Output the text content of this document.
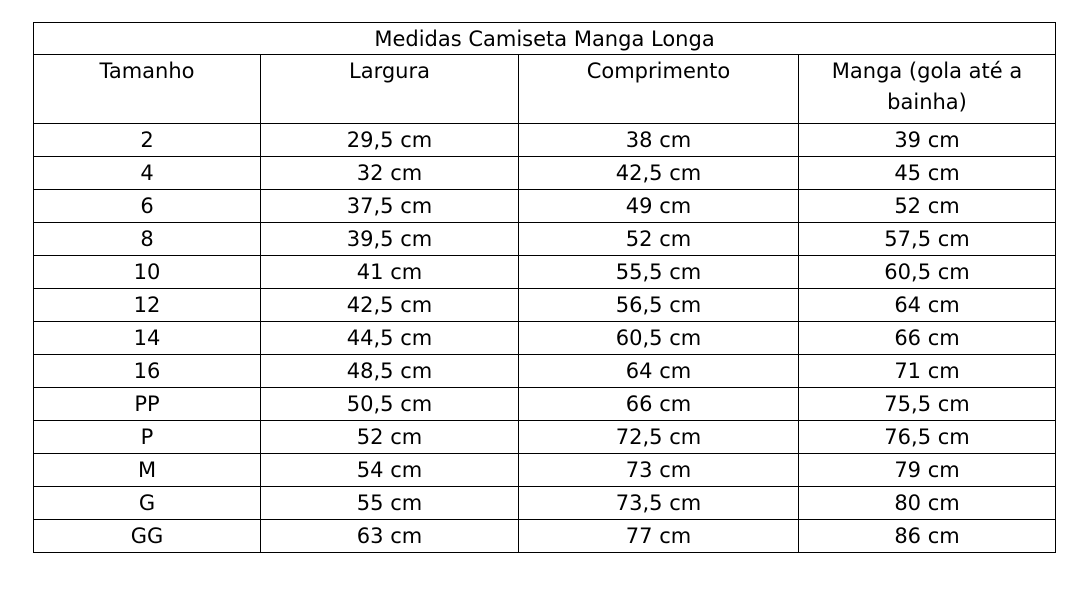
Medidas Camiseta Manga Longa			
Tamanho	Largura	Comprimento	Manga (gola até a bainha)
2	29,5 cm	38 cm	39 cm
4	32 cm	42,5 cm	45 cm
6	37,5 cm	49 cm	52 cm
8	39,5 cm	52 cm	57,5 cm
10	41 cm	55,5 cm	60,5 cm
12	42,5 cm	56,5 cm	64 cm
14	44,5 cm	60,5 cm	66 cm
16	48,5 cm	64 cm	71 cm
PP	50,5 cm	66 cm	75,5 cm
P	52 cm	72,5 cm	76,5 cm
M	54 cm	73 cm	79 cm
G	55 cm	73,5 cm	80 cm
GG	63 cm	77 cm	86 cm
